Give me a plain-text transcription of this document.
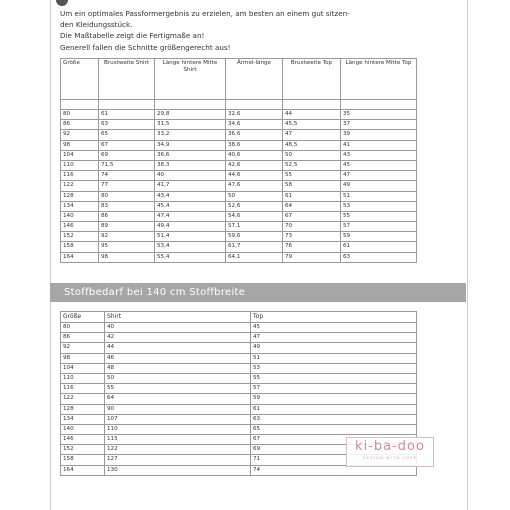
Um ein optimales Passformergebnis zu erzielen, am besten an einem gut sitzen-
den Kleidungsstück.
Die Maßtabelle zeigt die Fertigmaße an!
Generell fallen die Schnitte größengerecht aus!
Größe	Brustweite Shirt	Länge hintere Mitte Shirt	Ärmel-länge	Brustweite Top	Länge hintere Mitte Top

80	61	29,8	32,6	44	35
86	63	31,5	34,6	45,5	37
92	65	33,2	36,6	47	39
98	67	34,9	38,6	48,5	41
104	69	36,6	40,6	50	43
110	71,5	38,3	42,6	52,5	45
116	74	40	44,6	55	47
122	77	41,7	47,6	58	49
128	80	43,4	50	61	51
134	83	45,4	52,6	64	53
140	86	47,4	54,6	67	55
146	89	49,4	57,1	70	57
152	92	51,4	59,6	73	59
158	95	53,4	61,7	76	61
164	98	55,4	64,1	79	63
Stoffbedarf bei 140 cm Stoffbreite
Größe	Shirt	Top
80	40	45
86	42	47
92	44	49
98	46	51
104	48	53
110	50	55
116	55	57
122	64	59
128	90	61
134	107	63
140	110	65
146	115	67
152	122	69
158	127	71
164	130	74
ki-ba-doo
DESIGN WITH LOVE
